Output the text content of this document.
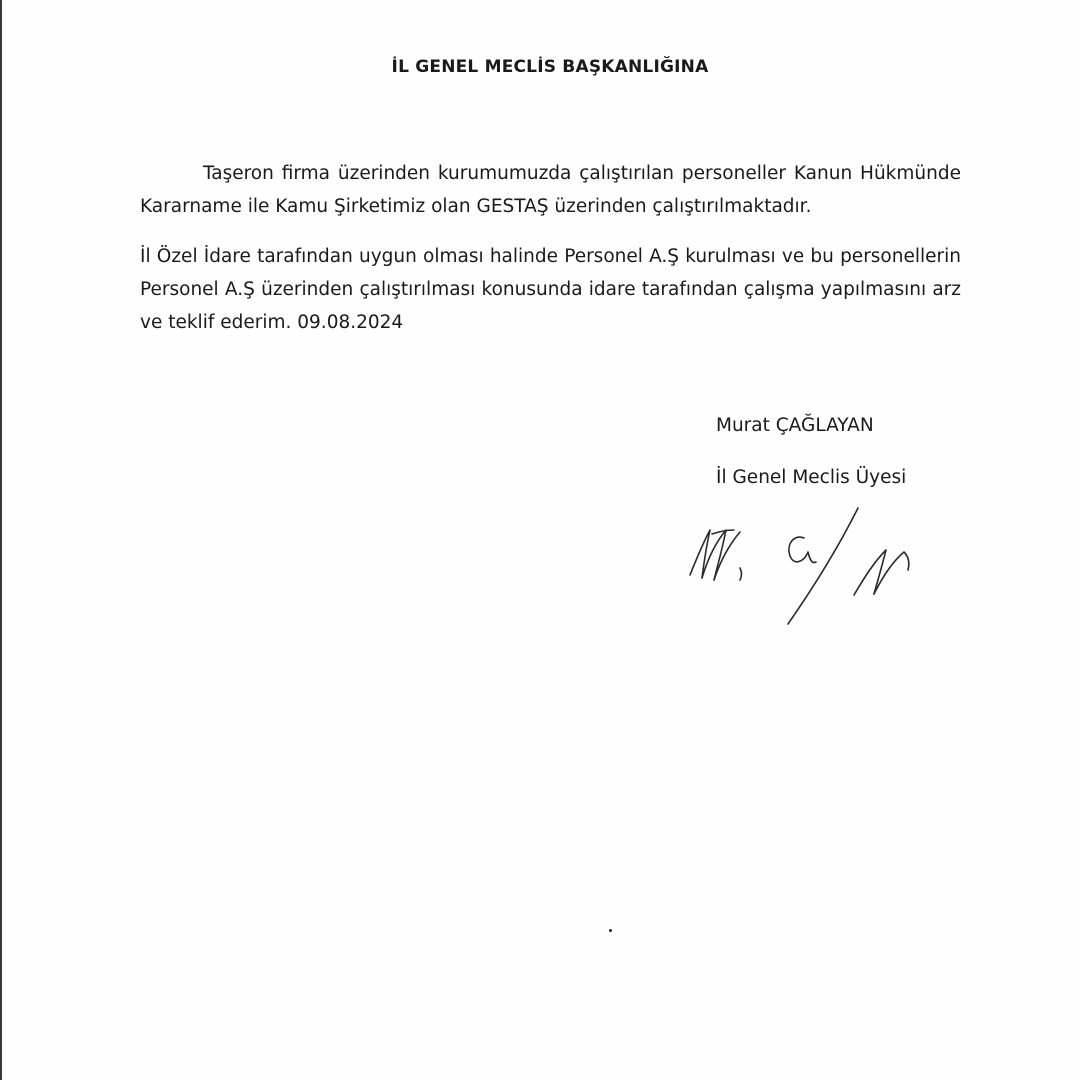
İL GENEL MECLİS BAŞKANLIĞINA

Taşeron firma üzerinden kurumumuzda çalıştırılan personeller Kanun Hükmünde Kararname ile Kamu Şirketimiz olan GESTAŞ üzerinden çalıştırılmaktadır.

İl Özel İdare tarafından uygun olması halinde Personel A.Ş kurulması ve bu personellerin Personel A.Ş üzerinden çalıştırılması konusunda idare tarafından çalışma yapılmasını arz ve teklif ederim. 09.08.2024

Murat ÇAĞLAYAN
İl Genel Meclis Üyesi
